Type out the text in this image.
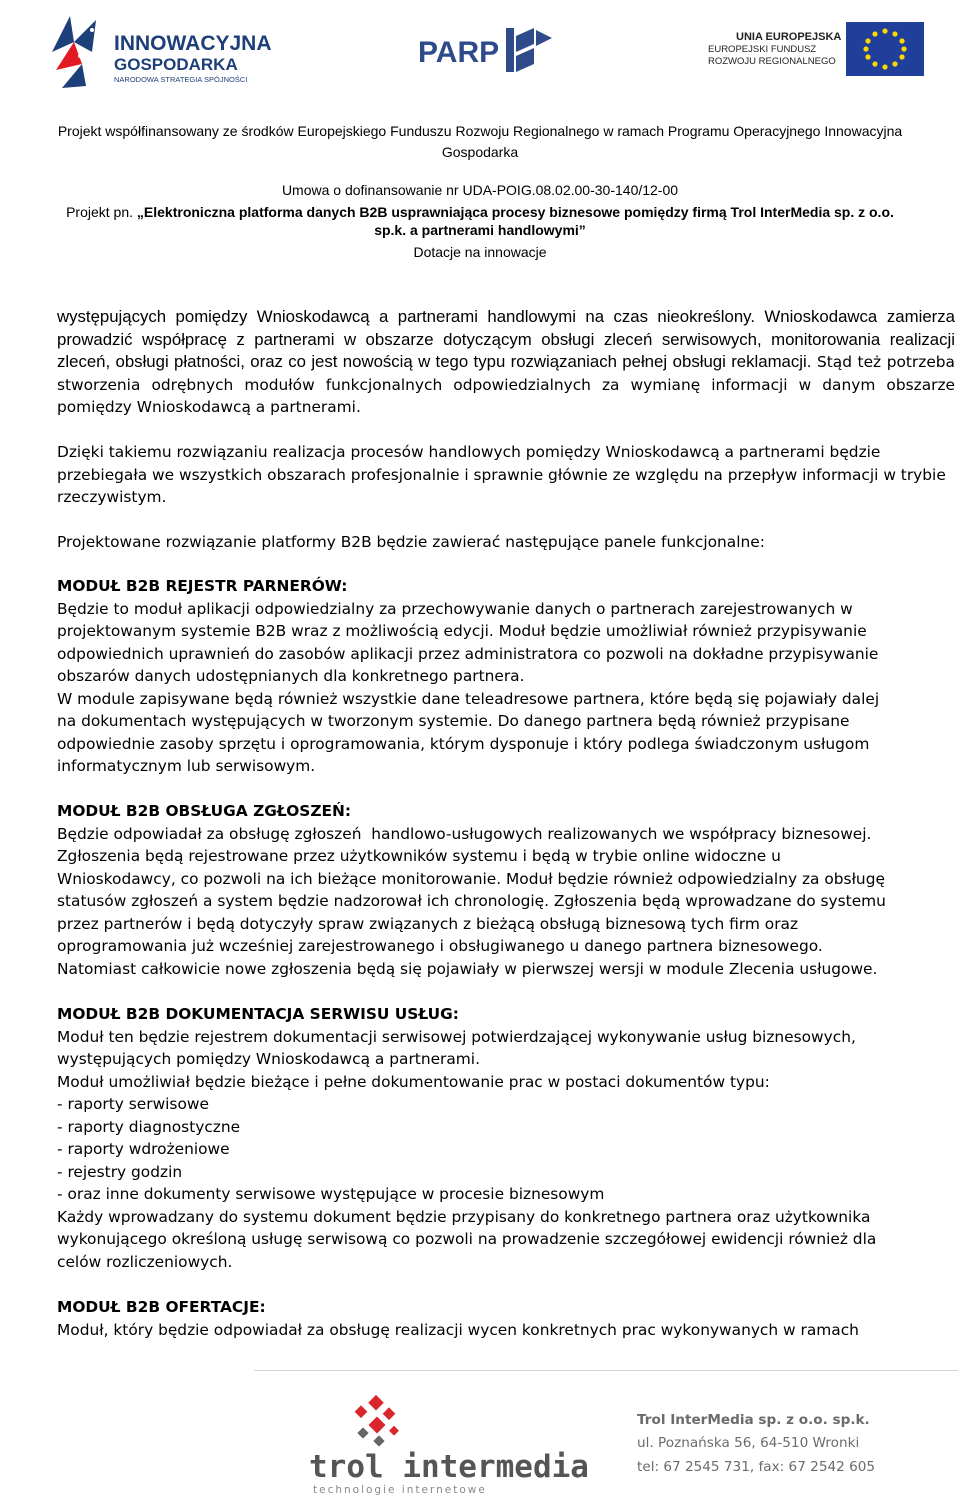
INNOWACYJNA
GOSPODARKA
NARODOWA STRATEGIA SPÓJNOŚCI
PARP	UNIA EUROPEJSKA
EUROPEJSKI FUNDUSZ
ROZWOJU REGIONALNEGO
Projekt współfinansowany ze środków Europejskiego Funduszu Rozwoju Regionalnego w ramach Programu Operacyjnego Innowacyjna
Gospodarka
Umowa o dofinansowanie nr UDA-POIG.08.02.00-30-140/12-00
Projekt pn. „Elektroniczna platforma danych B2B usprawniająca procesy biznesowe pomiędzy firmą Trol InterMedia sp. z o.o.
sp.k. a partnerami handlowymi”
Dotacje na innowacje
występujących pomiędzy Wnioskodawcą a partnerami handlowymi na czas nieokreślony. Wnioskodawca zamierza prowadzić współpracę z partnerami w obszarze dotyczącym obsługi zleceń serwisowych, monitorowania realizacji zleceń, obsługi płatności, oraz co jest nowością w tego typu rozwiązaniach pełnej obsługi reklamacji. Stąd też potrzeba stworzenia odrębnych modułów funkcjonalnych odpowiedzialnych za wymianę informacji w danym obszarze pomiędzy Wnioskodawcą a partnerami.

Dzięki takiemu rozwiązaniu realizacja procesów handlowych pomiędzy Wnioskodawcą a partnerami będzie przebiegała we wszystkich obszarach profesjonalnie i sprawnie głównie ze względu na przepływ informacji w trybie rzeczywistym.

Projektowane rozwiązanie platformy B2B będzie zawierać następujące panele funkcjonalne:

MODUŁ B2B REJESTR PARNERÓW:
Będzie to moduł aplikacji odpowiedzialny za przechowywanie danych o partnerach zarejestrowanych w
projektowanym systemie B2B wraz z możliwością edycji. Moduł będzie umożliwiał również przypisywanie
odpowiednich uprawnień do zasobów aplikacji przez administratora co pozwoli na dokładne przypisywanie
obszarów danych udostępnianych dla konkretnego partnera.
W module zapisywane będą również wszystkie dane teleadresowe partnera, które będą się pojawiały dalej
na dokumentach występujących w tworzonym systemie. Do danego partnera będą również przypisane
odpowiednie zasoby sprzętu i oprogramowania, którym dysponuje i który podlega świadczonym usługom
informatycznym lub serwisowym.
MODUŁ B2B OBSŁUGA ZGŁOSZEŃ:
Będzie odpowiadał za obsługę zgłoszeń  handlowo-usługowych realizowanych we współpracy biznesowej.
Zgłoszenia będą rejestrowane przez użytkowników systemu i będą w trybie online widoczne u
Wnioskodawcy, co pozwoli na ich bieżące monitorowanie. Moduł będzie również odpowiedzialny za obsługę
statusów zgłoszeń a system będzie nadzorował ich chronologię. Zgłoszenia będą wprowadzane do systemu
przez partnerów i będą dotyczyły spraw związanych z bieżącą obsługą biznesową tych firm oraz
oprogramowania już wcześniej zarejestrowanego i obsługiwanego u danego partnera biznesowego.
Natomiast całkowicie nowe zgłoszenia będą się pojawiały w pierwszej wersji w module Zlecenia usługowe.
MODUŁ B2B DOKUMENTACJA SERWISU USŁUG:
Moduł ten będzie rejestrem dokumentacji serwisowej potwierdzającej wykonywanie usług biznesowych,
występujących pomiędzy Wnioskodawcą a partnerami.
Moduł umożliwiał będzie bieżące i pełne dokumentowanie prac w postaci dokumentów typu:
- raporty serwisowe
- raporty diagnostyczne
- raporty wdrożeniowe
- rejestry godzin
- oraz inne dokumenty serwisowe występujące w procesie biznesowym
Każdy wprowadzany do systemu dokument będzie przypisany do konkretnego partnera oraz użytkownika
wykonującego określoną usługę serwisową co pozwoli na prowadzenie szczegółowej ewidencji również dla
celów rozliczeniowych.
MODUŁ B2B OFERTACJE:
Moduł, który będzie odpowiadał za obsługę realizacji wycen konkretnych prac wykonywanych w ramach
trol intermedia
technologie internetowe
Trol InterMedia sp. z o.o. sp.k.
ul. Poznańska 56, 64-510 Wronki
tel: 67 2545 731, fax: 67 2542 605
